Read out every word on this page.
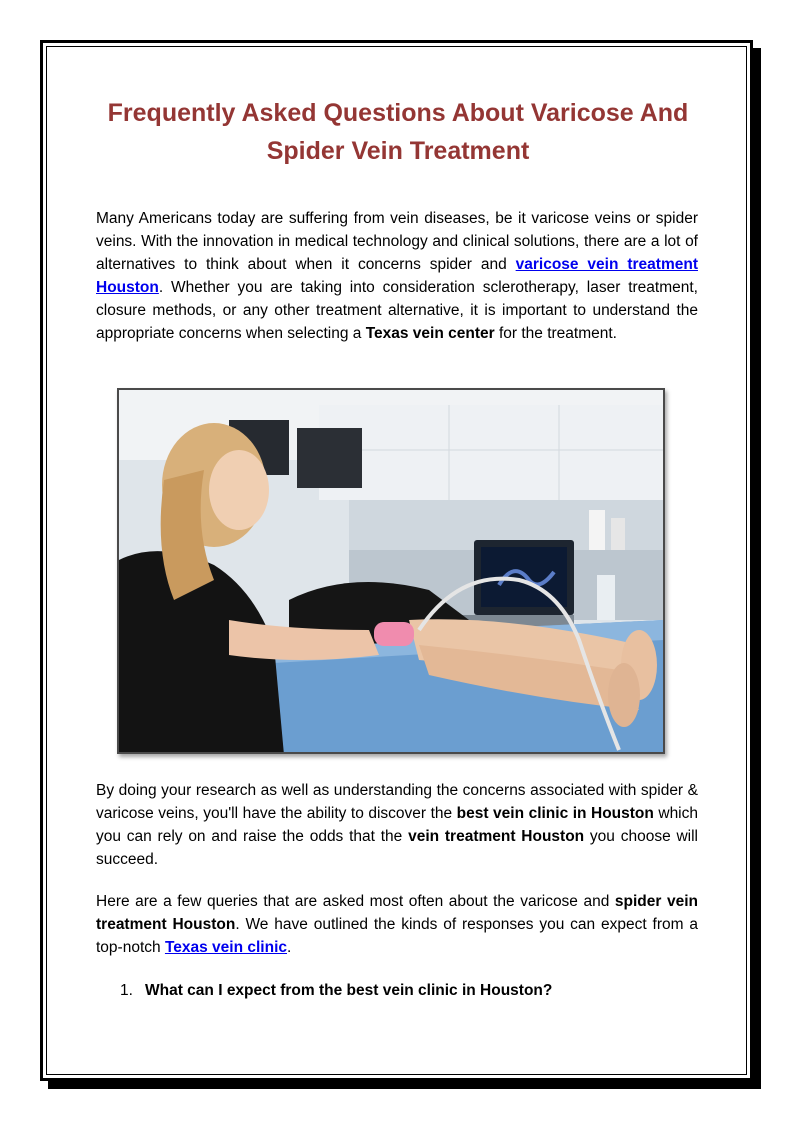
Frequently Asked Questions About Varicose And Spider Vein Treatment

Many Americans today are suffering from vein diseases, be it varicose veins or spider veins. With the innovation in medical technology and clinical solutions, there are a lot of alternatives to think about when it concerns spider and varicose vein treatment Houston. Whether you are taking into consideration sclerotherapy, laser treatment, closure methods, or any other treatment alternative, it is important to understand the appropriate concerns when selecting a Texas vein center for the treatment.

By doing your research as well as understanding the concerns associated with spider & varicose veins, you'll have the ability to discover the best vein clinic in Houston which you can rely on and raise the odds that the vein treatment Houston you choose will succeed.

Here are a few queries that are asked most often about the varicose and spider vein treatment Houston. We have outlined the kinds of responses you can expect from a top-notch Texas vein clinic.

1. What can I expect from the best vein clinic in Houston?
